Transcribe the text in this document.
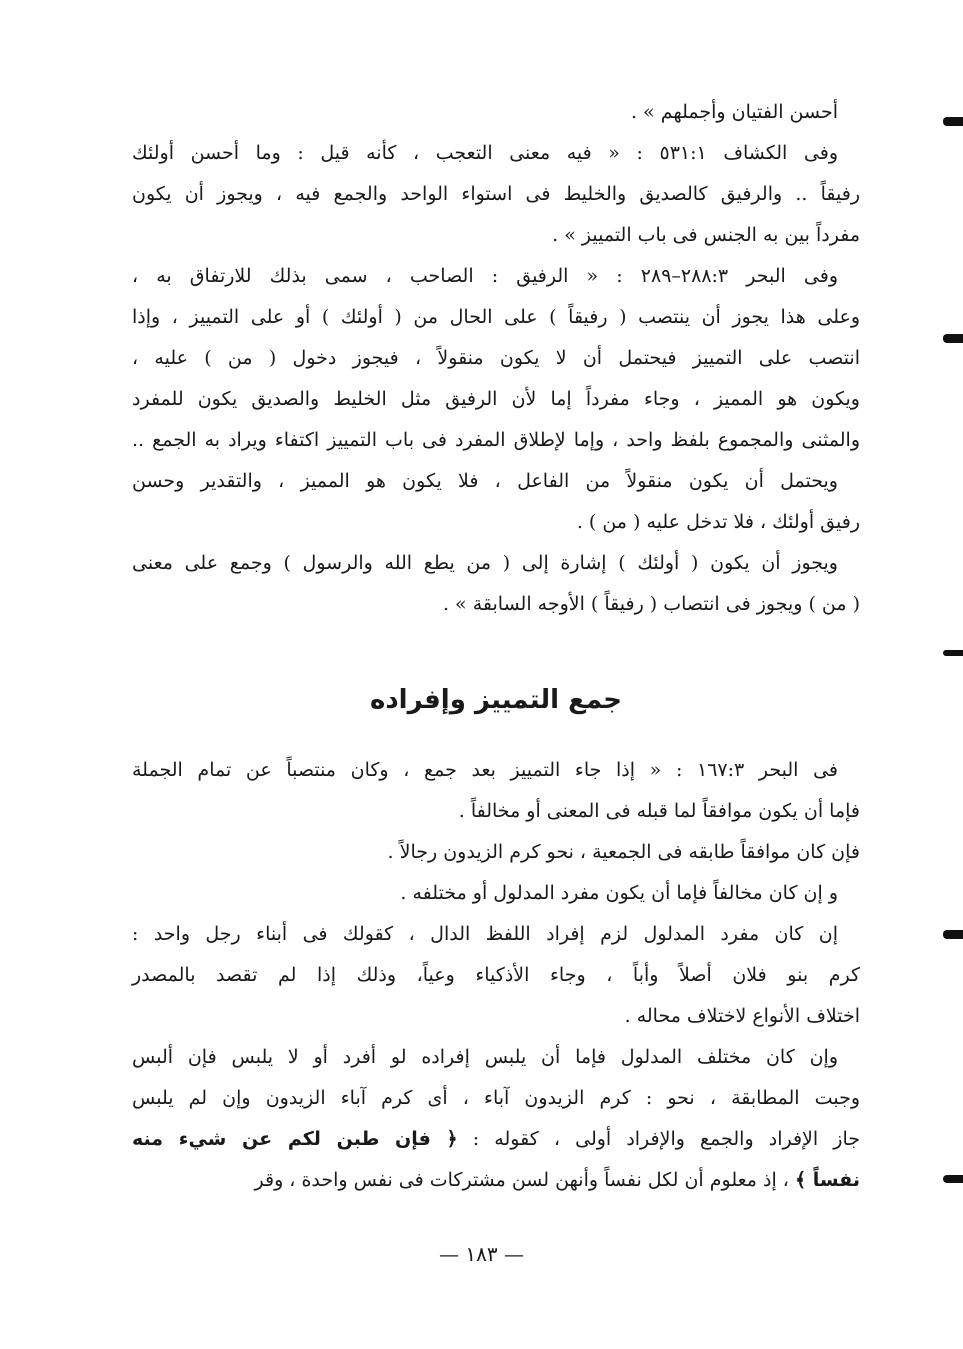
أحسن الفتيان وأجملهم » .
وفى الكشاف ٥٣١:١ : « فيه معنى التعجب ، كأنه قيل : وما أحسن أولئك
رفيقاً .. والرفيق كالصديق والخليط فى استواء الواحد والجمع فيه ، ويجوز أن يكون
مفرداً بين به الجنس فى باب التمييز » .
وفى البحر ٢٨٨:٣–٢٨٩ : « الرفيق : الصاحب ، سمى بذلك للارتفاق به ،
وعلى هذا يجوز أن ينتصب ( رفيقاً ) على الحال من ( أولئك ) أو على التمييز ، وإذا
انتصب على التمييز فيحتمل أن لا يكون منقولاً ، فيجوز دخول ( من ) عليه ،
ويكون هو المميز ، وجاء مفرداً إما لأن الرفيق مثل الخليط والصديق يكون للمفرد
والمثنى والمجموع بلفظ واحد ، وإما لإطلاق المفرد فى باب التمييز اكتفاء ويراد به الجمع ..
ويحتمل أن يكون منقولاً من الفاعل ، فلا يكون هو المميز ، والتقدير وحسن
رفيق أولئك ، فلا تدخل عليه ( من ) .
ويجوز أن يكون ( أولئك ) إشارة إلى ( من يطع الله والرسول ) وجمع على معنى
( من ) ويجوز فى انتصاب ( رفيقاً ) الأوجه السابقة » .
جمع التمييز وإفراده
فى البحر ١٦٧:٣ : « إذا جاء التمييز بعد جمع ، وكان منتصباً عن تمام الجملة
فإما أن يكون موافقاً لما قبله فى المعنى أو مخالفاً .
فإن كان موافقاً طابقه فى الجمعية ، نحو كرم الزيدون رجالاً .
و إن كان مخالفاً فإما أن يكون مفرد المدلول أو مختلفه .
إن كان مفرد المدلول لزم إفراد اللفظ الدال ، كقولك فى أبناء رجل واحد :
كرم بنو فلان أصلاً وأباً ، وجاء الأذكياء وعياً، وذلك إذا لم تقصد بالمصدر
اختلاف الأنواع لاختلاف محاله .
وإن كان مختلف المدلول فإما أن يلبس إفراده لو أفرد أو لا يلبس فإن ألبس
وجبت المطابقة ، نحو : كرم الزيدون آباء ، أى كرم آباء الزيدون وإن لم يلبس
جاز الإفراد والجمع والإفراد أولى ، كقوله : ﴿ فإن طبن لكم عن شيء منه
نفساً ﴾ ، إذ معلوم أن لكل نفساً وأنهن لسن مشتركات فى نفس واحدة ، وقر
— ١٨٣ —
